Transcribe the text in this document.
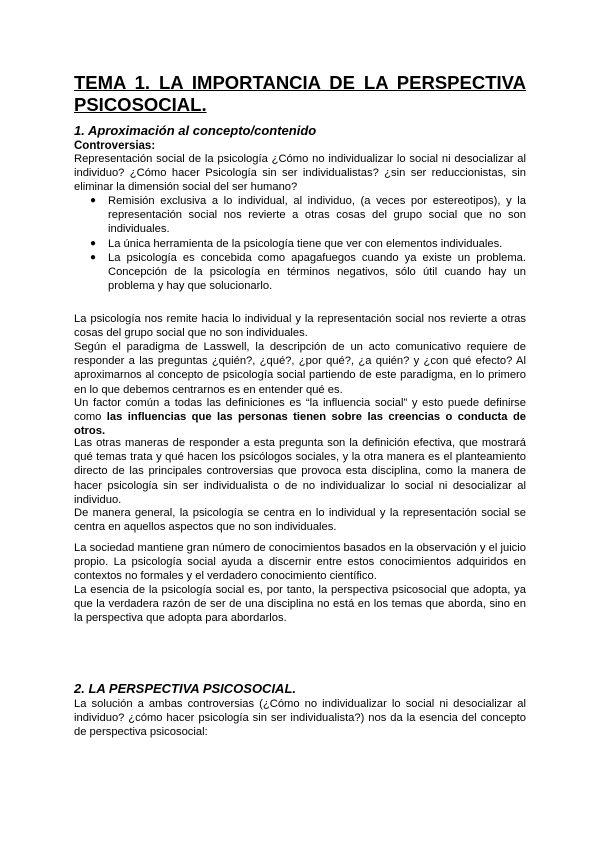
TEMA 1. LA IMPORTANCIA DE LA PERSPECTIVA
PSICOSOCIAL.
1. Aproximación al concepto/contenido
Controversias:

Representación social de la psicología ¿Cómo no individualizar lo social ni desocializar al individuo? ¿Cómo hacer Psicología sin ser individualistas? ¿sin ser reduccionistas, sin eliminar la dimensión social del ser humano?

● Remisión exclusiva a lo individual, al individuo, (a veces por estereotipos), y la representación social nos revierte a otras cosas del grupo social que no son individuales.
● La única herramienta de la psicología tiene que ver con elementos individuales.
● La psicología es concebida como apagafuegos cuando ya existe un problema. Concepción de la psicología en términos negativos, sólo útil cuando hay un problema y hay que solucionarlo.

La psicología nos remite hacia lo individual y la representación social nos revierte a otras cosas del grupo social que no son individuales.

Según el paradigma de Lasswell, la descripción de un acto comunicativo requiere de responder a las preguntas ¿quién?, ¿qué?, ¿por qué?, ¿a quién? y ¿con qué efecto? Al aproximarnos al concepto de psicología social partiendo de este paradigma, en lo primero en lo que debemos centrarnos es en entender qué es.

Un factor común a todas las definiciones es “la influencia social” y esto puede definirse como las influencias que las personas tienen sobre las creencias o conducta de otros.

Las otras maneras de responder a esta pregunta son la definición efectiva, que mostrará qué temas trata y qué hacen los psicólogos sociales, y la otra manera es el planteamiento directo de las principales controversias que provoca esta disciplina, como la manera de hacer psicología sin ser individualista o de no individualizar lo social ni desocializar al individuo.

De manera general, la psicología se centra en lo individual y la representación social se centra en aquellos aspectos que no son individuales.

La sociedad mantiene gran número de conocimientos basados en la observación y el juicio propio. La psicología social ayuda a discernir entre estos conocimientos adquiridos en contextos no formales y el verdadero conocimiento científico.

La esencia de la psicología social es, por tanto, la perspectiva psicosocial que adopta, ya que la verdadera razón de ser de una disciplina no está en los temas que aborda, sino en la perspectiva que adopta para abordarlos.

2. LA PERSPECTIVA PSICOSOCIAL.

La solución a ambas controversias (¿Cómo no individualizar lo social ni desocializar al individuo? ¿cómo hacer psicología sin ser individualista?) nos da la esencia del concepto de perspectiva psicosocial:
